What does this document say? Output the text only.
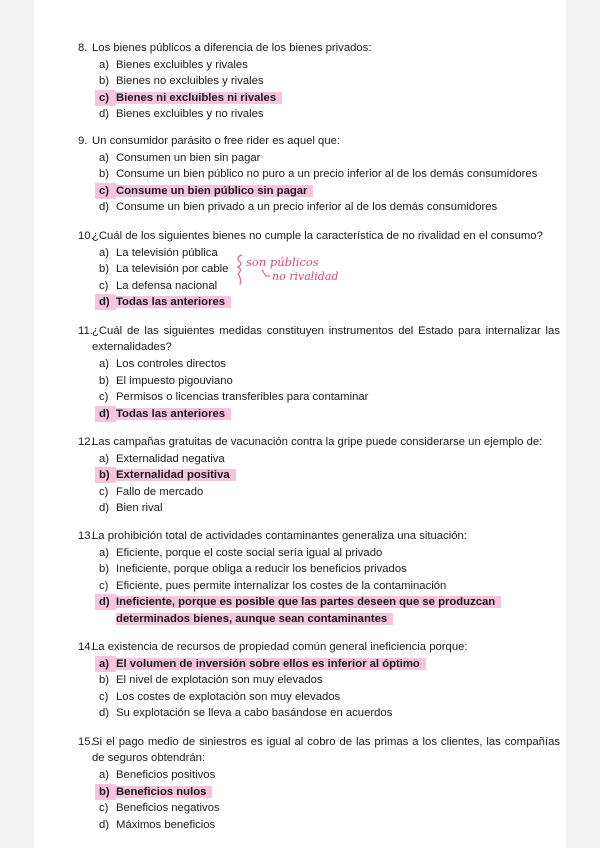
8. Los bienes públicos a diferencia de los bienes privados:
a) Bienes excluibles y rivales
b) Bienes no excluibles y rivales
c) Bienes ni excluibles ni rivales
d) Bienes excluibles y no rivales
9. Un consumidor parásito o free rider es aquel que:
a) Consumen un bien sin pagar
b) Consume un bien público no puro a un precio inferior al de los demás consumidores
c) Consume un bien público sin pagar
d) Consume un bien privado a un precio inferior al de los demás consumidores
10.
¿Cuál de los siguientes bienes no cumple la característica de no rivalidad en el consumo?
a) La televisión pública
b) La televisión por cable
c) La defensa nacional
d) Todas las anteriores
11. ¿Cuál de las siguientes medidas constituyen instrumentos del Estado para internalizar las externalidades?
a) Los controles directos
b) El impuesto pigouviano
c) Permisos o licencias transferibles para contaminar
d) Todas las anteriores
12.
Las campañas gratuitas de vacunación contra la gripe puede considerarse un ejemplo de:
a) Externalidad negativa
b) Externalidad positiva
c) Fallo de mercado
d) Bien rival
13.
La prohibición total de actividades contaminantes generaliza una situación:
a) Eficiente, porque el coste social sería igual al privado
b) Ineficiente, porque obliga a reducir los beneficios privados
c) Eficiente, pues permite internalizar los costes de la contaminación
d) Ineficiente, porque es posible que las partes deseen que se produzcan determinados bienes, aunque sean contaminantes
14.
La existencia de recursos de propiedad común general ineficiencia porque:
a) El volumen de inversión sobre ellos es inferior al óptimo
b) El nivel de explotación son muy elevados
c) Los costes de explotación son muy elevados
d) Su explotación se lleva a cabo basándose en acuerdos
15.
Si el pago medio de siniestros es igual al cobro de las primas a los clientes, las compañías de seguros obtendrán:
a) Beneficios positivos
b) Beneficios nulos
c) Beneficios negativos
d) Máximos beneficios
son públicos
no rivalidad
